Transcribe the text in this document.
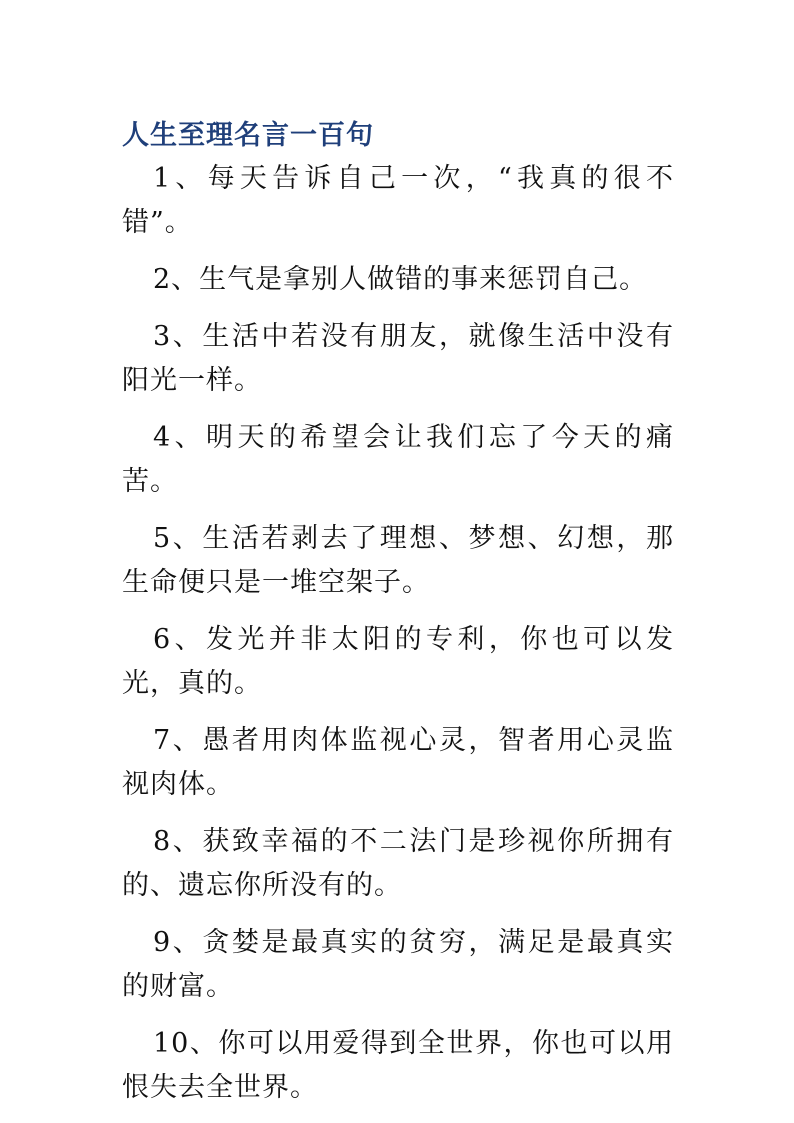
人生至理名言一百句
1、每天告诉自己一次，“我真的很不错”。
2、生气是拿别人做错的事来惩罚自己。
3、生活中若没有朋友，就像生活中没有阳光一样。
4、明天的希望会让我们忘了今天的痛苦。
5、生活若剥去了理想、梦想、幻想，那生命便只是一堆空架子。
6、发光并非太阳的专利，你也可以发光，真的。
7、愚者用肉体监视心灵，智者用心灵监视肉体。
8、获致幸福的不二法门是珍视你所拥有的、遗忘你所没有的。
9、贪婪是最真实的贫穷，满足是最真实的财富。
10、你可以用爱得到全世界，你也可以用恨失去全世界。
